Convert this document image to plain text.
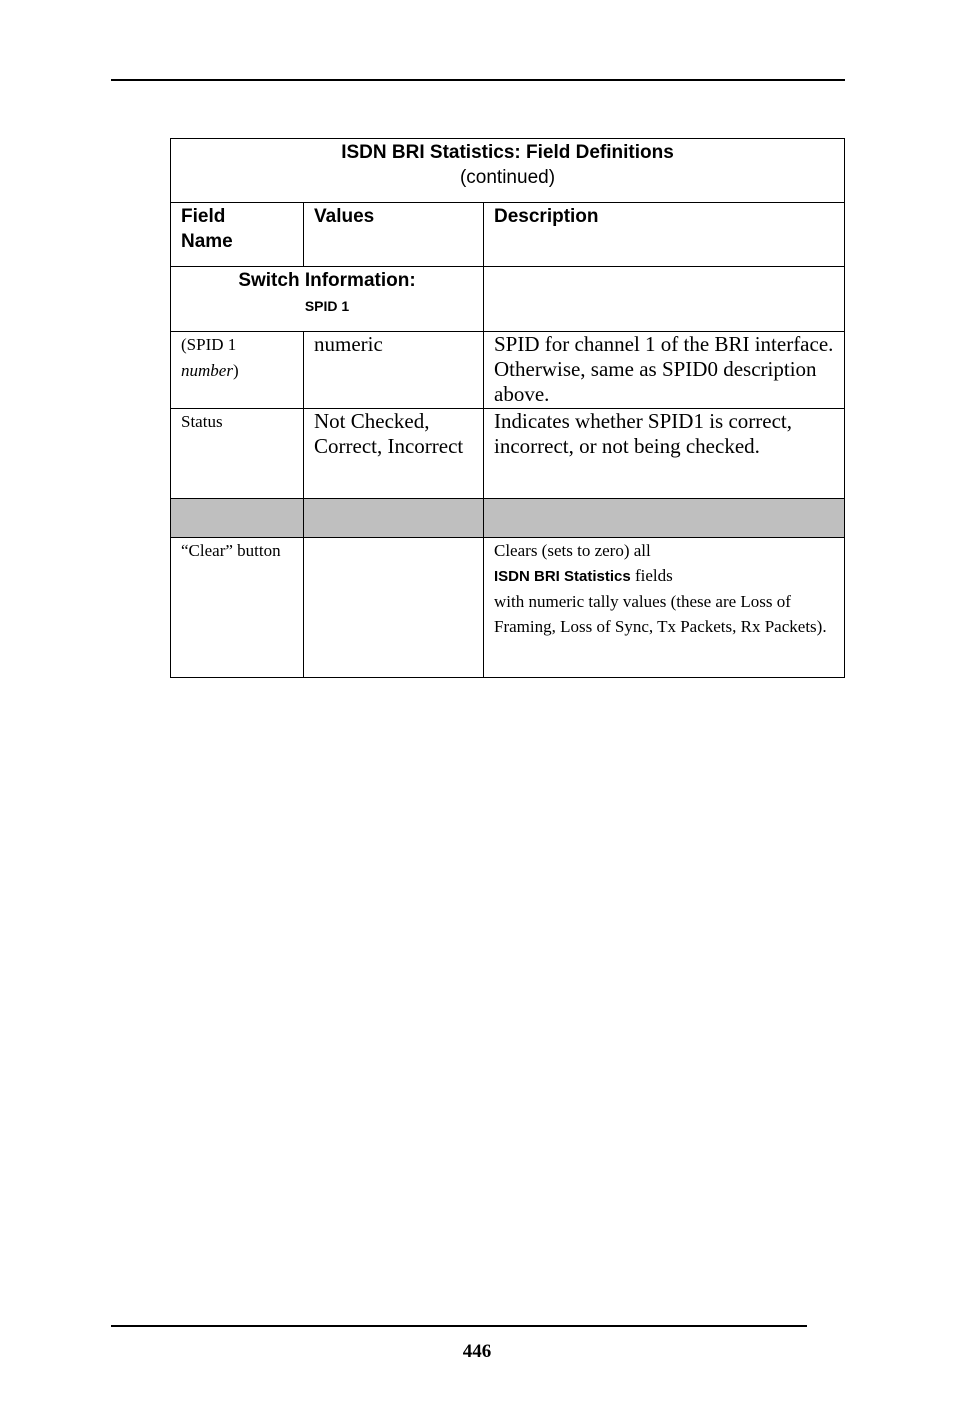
ISDN BRI Statistics: Field Definitions
(continued)		

Field
Name	Values	Description

Switch Information:
SPID 1		

(SPID 1
number)	numeric	SPID for channel 1 of the BRI interface. Otherwise, same as SPID0 description above.
Status	Not Checked, Correct, Incorrect	Indicates whether SPID1 is correct, incorrect, or not being checked.

“Clear” button		Clears (sets to zero) all
ISDN BRI Statistics fields
with numeric tally values (these are Loss of Framing, Loss of Sync, Tx Packets, Rx Packets).
446
